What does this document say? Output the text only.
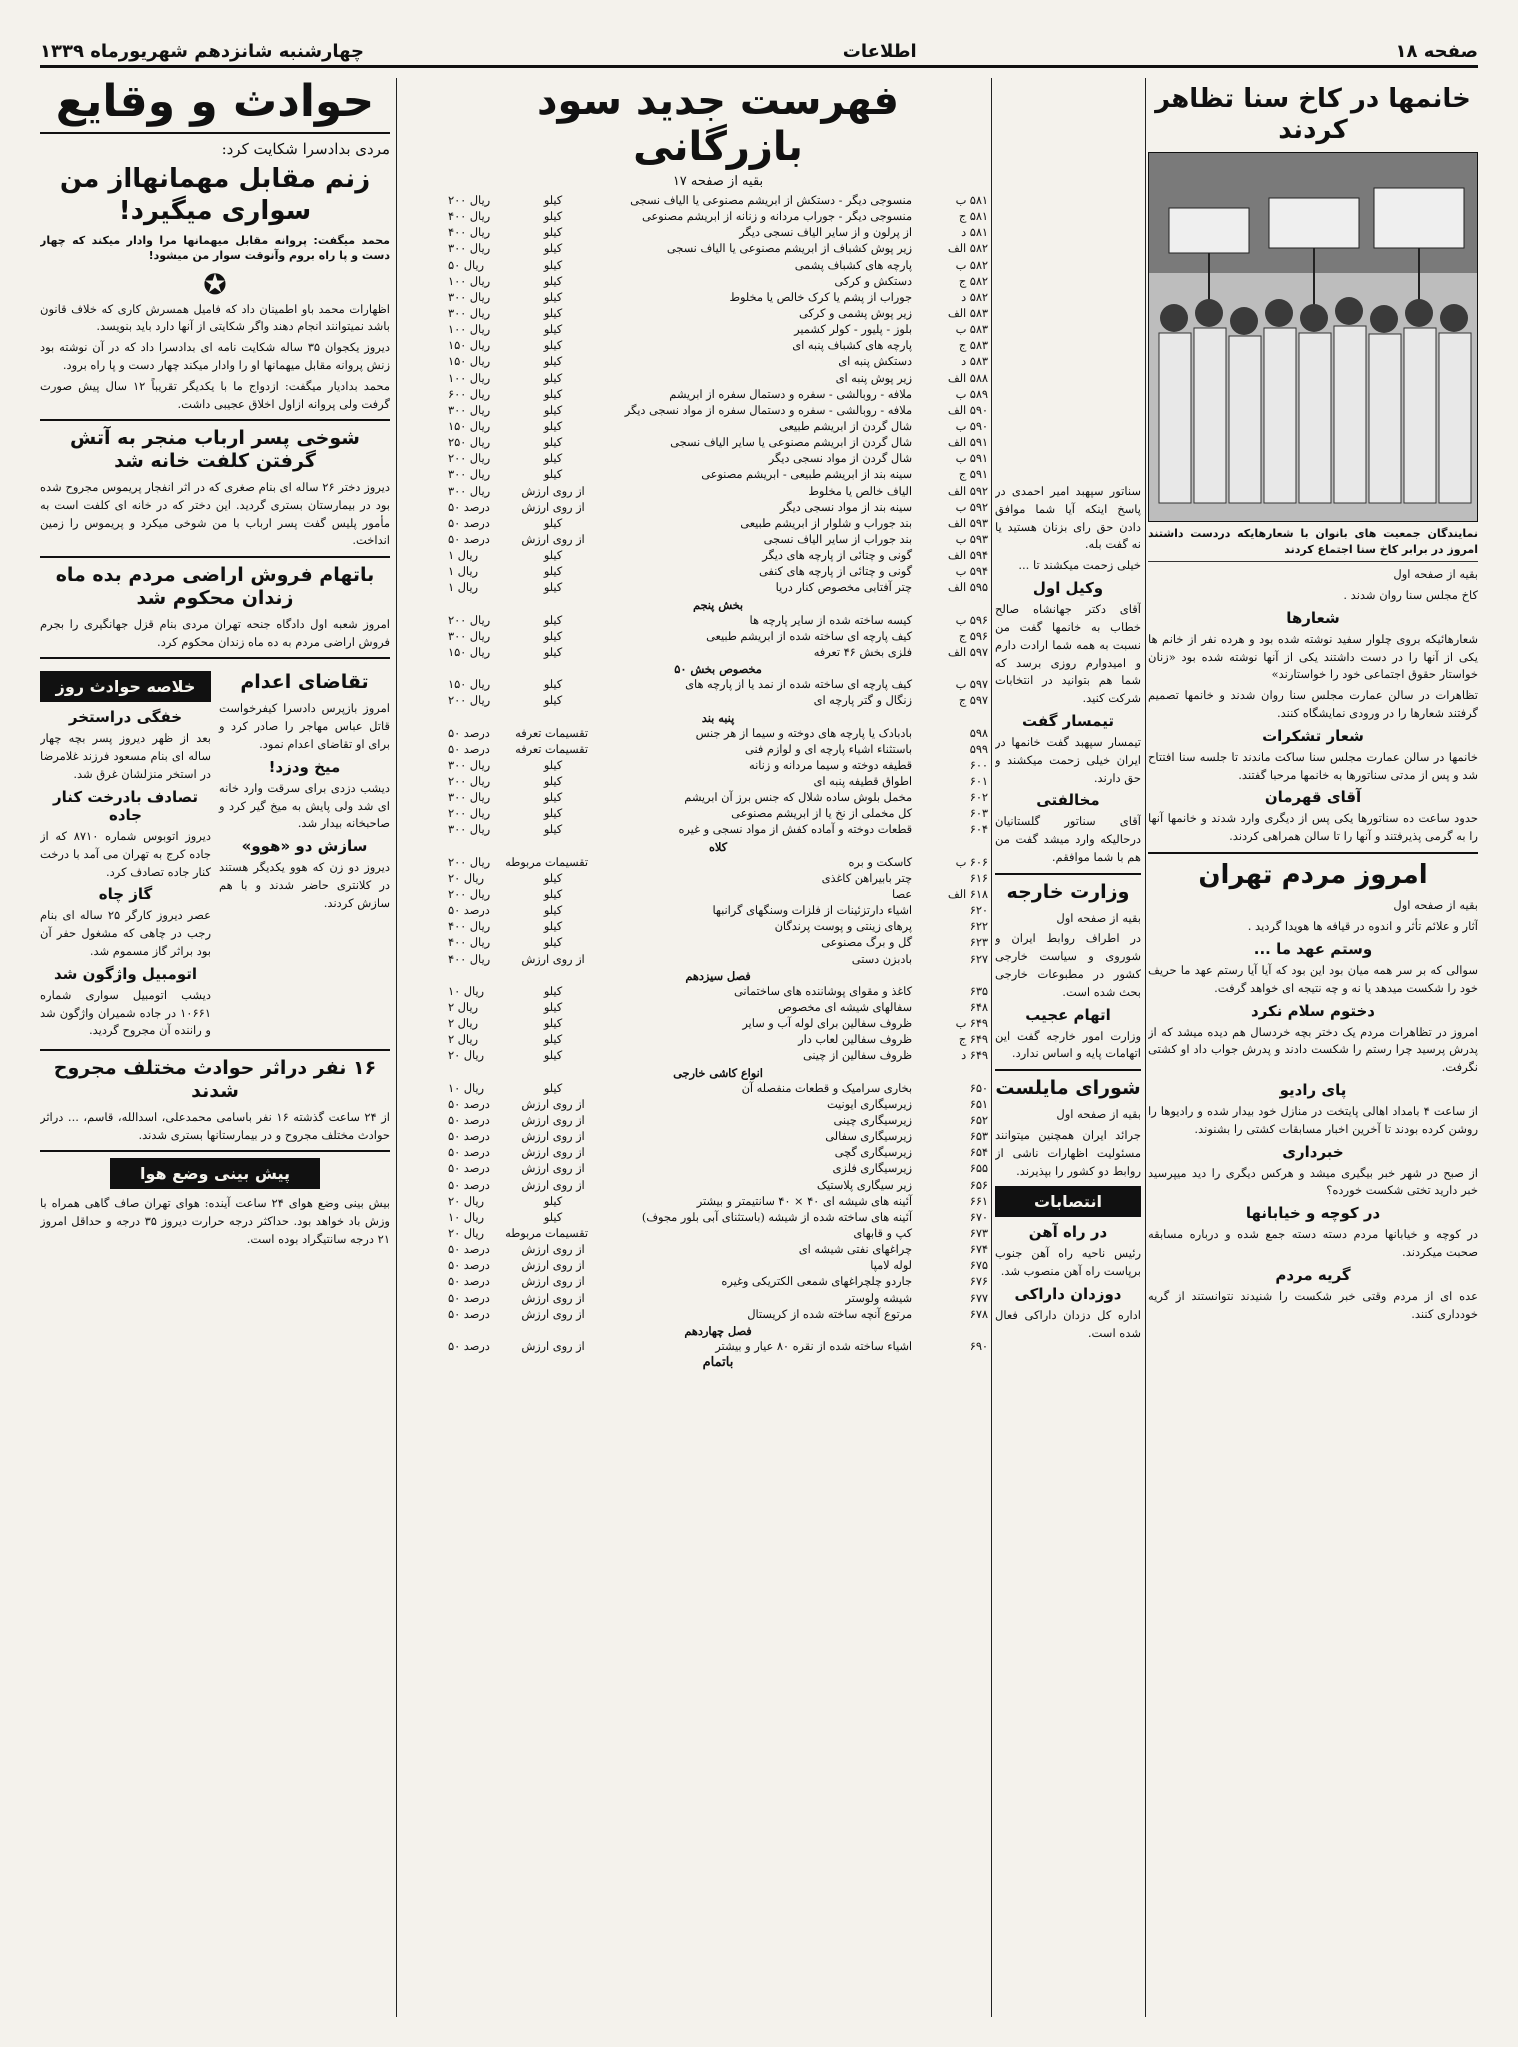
صفحه ۱۸
اطلاعات
چهارشنبه شانزدهم شهریورماه ۱۳۳۹
خانمها در کاخ سنا تظاهر کردند
نمایندگان جمعیت های بانوان با شعارهایکه دردست داشتند امروز در برابر کاخ سنا اجتماع کردند

بقیه از صفحه اول

کاخ مجلس سنا روان شدند .

شعارها

شعارهائیکه بروی چلوار سفید نوشته شده بود و هرده نفر از خانم ها یکی از آنها را در دست داشتند یکی از آنها نوشته شده بود «زنان خواستار حقوق اجتماعی خود را خواستارند»

تظاهرات در سالن عمارت مجلس سنا روان شدند و خانمها تصمیم گرفتند شعارها را در ورودی نمایشگاه کنند.

شعار تشکرات

خانمها در سالن عمارت مجلس سنا ساکت ماندند تا جلسه سنا افتتاح شد و پس از مدتی سناتورها به خانمها مرحبا گفتند.

آقای قهرمان

حدود ساعت ده سناتورها یکی پس از دیگری وارد شدند و خانمها آنها را به گرمی پذیرفتند و آنها را تا سالن همراهی کردند.

امروز مردم تهران

بقیه از صفحه اول

آثار و علائم تأثر و اندوه در قیافه ها هویدا گردید .

وستم عهد ما ...

سوالی که بر سر همه میان بود این بود که آیا آیا رستم عهد ما حریف خود را شکست میدهد یا نه و چه نتیجه ای خواهد گرفت.

دختوم سلام نکرد

امروز در تظاهرات مردم یک دختر بچه خردسال هم دیده میشد که از پدرش پرسید چرا رستم را شکست دادند و پدرش جواب داد او کشتی نگرفت.

پای رادیو

از ساعت ۴ بامداد اهالی پایتخت در منازل خود بیدار شده و رادیوها را روشن کرده بودند تا آخرین اخبار مسابقات کشتی را بشنوند.

خبرداری

از صبح در شهر خبر بیگیری میشد و هرکس دیگری را دید میپرسید خبر دارید تختی شکست خورده؟

در کوچه و خیابانها

در کوچه و خیابانها مردم دسته دسته جمع شده و درباره مسابقه صحبت میکردند.

گریه مردم

عده ای از مردم وقتی خبر شکست را شنیدند نتوانستند از گریه خودداری کنند.

سناتور سپهبد امیر احمدی در پاسخ اینکه آیا شما موافق دادن حق رای بزنان هستید یا نه گفت بله.

خیلی زحمت میکشند تا ...

وکیل اول

آقای دکتر جهانشاه صالح خطاب به خانمها گفت من نسبت به همه شما ارادت دارم و امیدوارم روزی برسد که شما هم بتوانید در انتخابات شرکت کنید.

تیمسار گفت

تیمسار سپهبد گفت خانمها در ایران خیلی زحمت میکشند و حق دارند.

مخالفتی

آقای سناتور گلستانیان درحالیکه وارد میشد گفت من هم با شما موافقم.

وزارت خارجه

بقیه از صفحه اول

در اطراف روابط ایران و شوروی و سیاست خارجی کشور در مطبوعات خارجی بحث شده است.

اتهام عجیب

وزارت امور خارجه گفت این اتهامات پایه و اساس ندارد.

شورای مایلست

بقیه از صفحه اول

جرائد ایران همچنین میتوانند مسئولیت اظهارات ناشی از روابط دو کشور را بپذیرند.

انتصابات
در راه آهن

رئیس ناحیه راه آهن جنوب برپاست راه آهن منصوب شد.

دوزدان داراکی

اداره کل دزدان داراکی فعال شده است.

فهرست جدید سود بازرگانی
بقیه از صفحه ۱۷
۵۸۱ ب
منسوجی دیگر - دستکش از ابریشم مصنوعی یا الیاف نسجی
کیلو
۲۰۰ ریال
۵۸۱ ج
منسوجی دیگر - جوراب مردانه و زنانه از ابریشم مصنوعی
کیلو
۴۰۰ ریال
۵۸۱ د
از پرلون و از سایر الیاف نسجی دیگر
کیلو
۴۰۰ ریال
۵۸۲ الف
زیر پوش کشباف از ابریشم مصنوعی یا الیاف نسجی
کیلو
۳۰۰ ریال
۵۸۲ ب
پارچه های کشباف پشمی
کیلو
۵۰ ریال
۵۸۲ ج
دستکش و کرکی
کیلو
۱۰۰ ریال
۵۸۲ د
جوراب از پشم یا کرک خالص یا مخلوط
کیلو
۳۰۰ ریال
۵۸۳ الف
زیر پوش پشمی و کرکی
کیلو
۳۰۰ ریال
۵۸۳ ب
بلوز - پلیور - کولر کشمیر
کیلو
۱۰۰ ریال
۵۸۳ ج
پارچه های کشباف پنبه ای
کیلو
۱۵۰ ریال
۵۸۳ د
دستکش پنبه ای
کیلو
۱۵۰ ریال
۵۸۸ الف
زیر پوش پنبه ای
کیلو
۱۰۰ ریال
۵۸۹ ب
ملافه - روبالشی - سفره و دستمال سفره از ابریشم
کیلو
۶۰۰ ریال
۵۹۰ الف
ملافه - روبالشی - سفره و دستمال سفره از مواد نسجی دیگر
کیلو
۳۰۰ ریال
۵۹۰ ب
شال گردن از ابریشم طبیعی
کیلو
۱۵۰ ریال
۵۹۱ الف
شال گردن از ابریشم مصنوعی یا سایر الیاف نسجی
کیلو
۲۵۰ ریال
۵۹۱ ب
شال گردن از مواد نسجی دیگر
کیلو
۲۰۰ ریال
۵۹۱ ج
سینه بند از ابریشم طبیعی - ابریشم مصنوعی
کیلو
۳۰۰ ریال
۵۹۲ الف
الیاف خالص یا مخلوط
از روی ارزش
۳۰۰ ریال
۵۹۲ ب
سینه بند از مواد نسجی دیگر
از روی ارزش
۵۰ درصد
۵۹۳ الف
بند جوراب و شلوار از ابریشم طبیعی
کیلو
۵۰ درصد
۵۹۳ ب
بند جوراب از سایر الیاف نسجی
از روی ارزش
۵۰ درصد
۵۹۴ الف
گونی و چتائی از پارچه های دیگر
کیلو
۱ ریال
۵۹۴ ب
گونی و چتائی از پارچه های کنفی
کیلو
۱ ریال
۵۹۵ الف
چتر آفتابی مخصوص کنار دریا
کیلو
۱ ریال
بخش پنجم
۵۹۶ ب
کیسه ساخته شده از سایر پارچه ها
کیلو
۲۰۰ ریال
۵۹۶ ج
کیف پارچه ای ساخته شده از ابریشم طبیعی
کیلو
۳۰۰ ریال
۵۹۷ الف
فلزی بخش ۴۶ تعرفه
کیلو
۱۵۰ ریال
مخصوص بخش ۵۰
۵۹۷ ب
کیف پارچه ای ساخته شده از نمد یا از پارچه های
کیلو
۱۵۰ ریال
۵۹۷ ج
زنگال و گتر پارچه ای
کیلو
۲۰۰ ریال
پنبه بند
۵۹۸
بادبادک یا پارچه های دوخته و سیما از هر جنس
تقسیمات تعرفه
۵۰ درصد
۵۹۹
باستثناء اشیاء پارچه ای و لوازم فنی
تقسیمات تعرفه
۵۰ درصد
۶۰۰
قطیفه دوخته و سیما مردانه و زنانه
کیلو
۳۰۰ ریال
۶۰۱
اطواق قطیفه پنبه ای
کیلو
۲۰۰ ریال
۶۰۲
مخمل بلوش ساده شلال که جنس برز آن ابریشم
کیلو
۳۰۰ ریال
۶۰۳
کل مخملی از نخ یا از ابریشم مصنوعی
کیلو
۲۰۰ ریال
۶۰۴
قطعات دوخته و آماده کفش از مواد نسجی و غیره
کیلو
۳۰۰ ریال
کلاه
۶۰۶ ب
کاسکت و بره
تقسیمات مربوطه
۲۰۰ ریال
۶۱۶
چتر بابیراهن کاغذی
کیلو
۲۰ ریال
۶۱۸ الف
عصا
کیلو
۲۰۰ ریال
۶۲۰
اشیاء دارتزئینات از فلزات وسنگهای گرانبها
کیلو
۵۰ درصد
۶۲۲
پرهای زینتی و پوست پرندگان
کیلو
۴۰۰ ریال
۶۲۳
گل و برگ مصنوعی
کیلو
۴۰۰ ریال
۶۲۷
بادبزن دستی
از روی ارزش
۴۰۰ ریال
فصل سیزدهم
۶۳۵
کاغذ و مقوای پوشاننده های ساختمانی
کیلو
۱۰ ریال
۶۴۸
سفالهای شیشه ای مخصوص
کیلو
۲ ریال
۶۴۹ ب
ظروف سفالین برای لوله آب و سایر
کیلو
۲ ریال
۶۴۹ ج
ظروف سفالین لعاب دار
کیلو
۲ ریال
۶۴۹ د
ظروف سفالین از چینی
کیلو
۲۰ ریال
انواع کاشی خارجی
۶۵۰
بخاری سرامیک و قطعات منفصله آن
کیلو
۱۰ ریال
۶۵۱
زیرسیگاری ایونیت
از روی ارزش
۵۰ درصد
۶۵۲
زیرسیگاری چینی
از روی ارزش
۵۰ درصد
۶۵۳
زیرسیگاری سفالی
از روی ارزش
۵۰ درصد
۶۵۴
زیرسیگاری گچی
از روی ارزش
۵۰ درصد
۶۵۵
زیرسیگاری فلزی
از روی ارزش
۵۰ درصد
۶۵۶
زیر سیگاری پلاستیک
از روی ارزش
۵۰ درصد
۶۶۱
آئینه های شیشه ای ۴۰ × ۴۰ سانتیمتر و بیشتر
کیلو
۲۰ ریال
۶۷۰
آئینه های ساخته شده از شیشه (باستثنای آبی بلور مجوف)
کیلو
۱۰ ریال
۶۷۳
کپ و قابهای
تقسیمات مربوطه
۲۰ ریال
۶۷۴
چراغهای نفتی شیشه ای
از روی ارزش
۵۰ درصد
۶۷۵
لوله لامپا
از روی ارزش
۵۰ درصد
۶۷۶
جاردو چلچراغهای شمعی الکتریکی وغیره
از روی ارزش
۵۰ درصد
۶۷۷
شیشه ولوستر
از روی ارزش
۵۰ درصد
۶۷۸
مرتوع آنچه ساخته شده از کریستال
از روی ارزش
۵۰ درصد
فصل چهاردهم
۶۹۰
اشیاء ساخته شده از نقره ۸۰ عیار و بیشتر
از روی ارزش
۵۰ درصد
باتمام
حوادث و وقایع
مردی بدادسرا شکایت کرد:
زنم مقابل مهمانهااز من سواری میگیرد!
محمد میگفت: پروانه مقابل میهمانها مرا وادار میکند که چهار دست و پا راه بروم وآنوقت سوار من میشود!
✪

اظهارات محمد باو اطمینان داد که فامیل همسرش کاری که خلاف قانون باشد نمیتوانند انجام دهند واگر شکایتی از آنها دارد باید بنویسد.

دیروز یکجوان ۳۵ ساله شکایت نامه ای بدادسرا داد که در آن نوشته بود زنش پروانه مقابل میهمانها او را وادار میکند چهار دست و پا راه برود.

محمد بدادیار میگفت: ازدواج ما با یکدیگر تقریباً ۱۲ سال پیش صورت گرفت ولی پروانه ازاول اخلاق عجیبی داشت.

شوخی پسر ارباب منجر به آتش گرفتن کلفت خانه شد

دیروز دختر ۲۶ ساله ای بنام صغری که در اثر انفجار پریموس مجروح شده بود در بیمارستان بستری گردید. این دختر که در خانه ای کلفت است به مأمور پلیس گفت پسر ارباب با من شوخی میکرد و پریموس را زمین انداخت.

باتهام فروش اراضی مردم بده ماه زندان محکوم شد

امروز شعبه اول دادگاه جنحه تهران مردی بنام قزل جهانگیری را بجرم فروش اراضی مردم به ده ماه زندان محکوم کرد.

تقاضای اعدام

امروز بازپرس دادسرا کیفرخواست قاتل عباس مهاجر را صادر کرد و برای او تقاضای اعدام نمود.

میخ ودزد!

دیشب دزدی برای سرقت وارد خانه ای شد ولی پایش به میخ گیر کرد و صاحبخانه بیدار شد.

سازش دو «هوو»

دیروز دو زن که هوو یکدیگر هستند در کلانتری حاضر شدند و با هم سازش کردند.

خلاصه حوادث روز
خفگی دراستخر

بعد از ظهر دیروز پسر بچه چهار ساله ای بنام مسعود فرزند غلامرضا در استخر منزلشان غرق شد.

تصادف بادرخت کنار جاده

دیروز اتوبوس شماره ۸۷۱۰ که از جاده کرج به تهران می آمد با درخت کنار جاده تصادف کرد.

گاز چاه

عصر دیروز کارگر ۲۵ ساله ای بنام رجب در چاهی که مشغول حفر آن بود براثر گاز مسموم شد.

اتومبیل واژگون شد

دیشب اتومبیل سواری شماره ۱۰۶۶۱ در جاده شمیران واژگون شد و راننده آن مجروح گردید.

۱۶ نفر دراثر حوادث مختلف مجروح شدند

از ۲۴ ساعت گذشته ۱۶ نفر باسامی محمدعلی، اسدالله، قاسم، ... دراثر حوادث مختلف مجروح و در بیمارستانها بستری شدند.

پیش بینی وضع هوا

بیش بینی وضع هوای ۲۴ ساعت آینده: هوای تهران صاف گاهی همراه با وزش باد خواهد بود. حداکثر درجه حرارت دیروز ۳۵ درجه و حداقل امروز ۲۱ درجه سانتیگراد بوده است.
